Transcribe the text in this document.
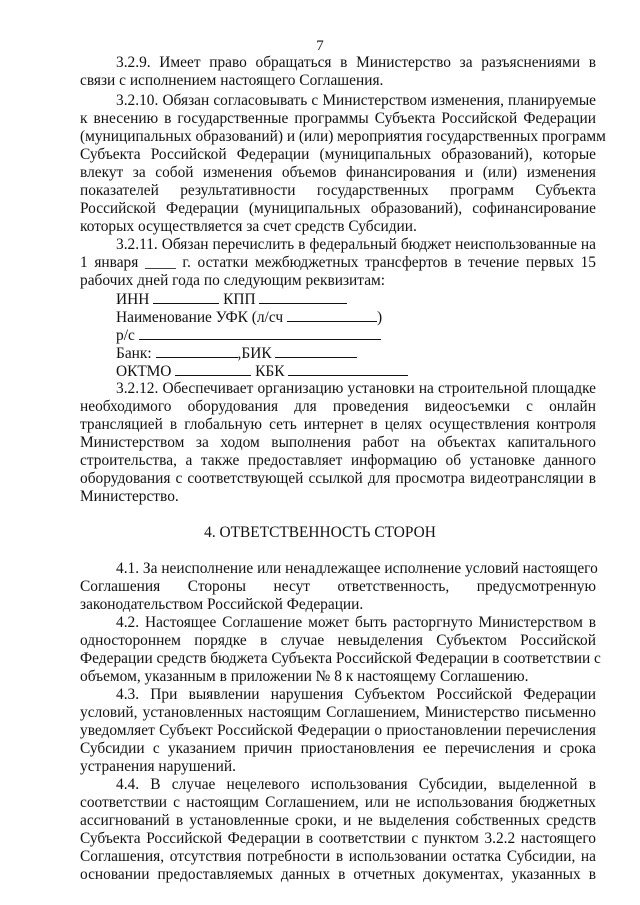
7
3.2.9. Имеет право обращаться в Министерство за разъяснениями в
связи с исполнением настоящего Соглашения.
3.2.10. Обязан согласовывать с Министерством изменения, планируемые
к внесению в государственные программы Субъекта Российской Федерации
(муниципальных образований) и (или) мероприятия государственных программ
Субъекта Российской Федерации (муниципальных образований), которые
влекут за собой изменения объемов финансирования и (или) изменения
показателей результативности государственных программ Субъекта
Российской Федерации (муниципальных образований), софинансирование
которых осуществляется за счет средств Субсидии.
3.2.11. Обязан перечислить в федеральный бюджет неиспользованные на
1 января ____ г. остатки межбюджетных трансфертов в течение первых 15
рабочих дней года по следующим реквизитам:
ИНН	КПП
Наименование УФК (л/сч	)
р/с
Банк:	,БИК
ОКТМО	КБК
3.2.12. Обеспечивает организацию установки на строительной площадке
необходимого оборудования для проведения видеосъемки с онлайн
трансляцией в глобальную сеть интернет в целях осуществления контроля
Министерством за ходом выполнения работ на объектах капитального
строительства, а также предоставляет информацию об установке данного
оборудования с соответствующей ссылкой для просмотра видеотрансляции в
Министерство.
4. ОТВЕТСТВЕННОСТЬ СТОРОН
4.1. За неисполнение или ненадлежащее исполнение условий настоящего
Соглашения Стороны несут ответственность, предусмотренную
законодательством Российской Федерации.
4.2. Настоящее Соглашение может быть расторгнуто Министерством в
одностороннем порядке в случае невыделения Субъектом Российской
Федерации средств бюджета Субъекта Российской Федерации в соответствии с
объемом, указанным в приложении № 8 к настоящему Соглашению.
4.3. При выявлении нарушения Субъектом Российской Федерации
условий, установленных настоящим Соглашением, Министерство письменно
уведомляет Субъект Российской Федерации о приостановлении перечисления
Субсидии с указанием причин приостановления ее перечисления и срока
устранения нарушений.
4.4. В случае нецелевого использования Субсидии, выделенной в
соответствии с настоящим Соглашением, или не использования бюджетных
ассигнований в установленные сроки, и не выделения собственных средств
Субъекта Российской Федерации в соответствии с пунктом 3.2.2 настоящего
Соглашения, отсутствия потребности в использовании остатка Субсидии, на
основании предоставляемых данных в отчетных документах, указанных в
